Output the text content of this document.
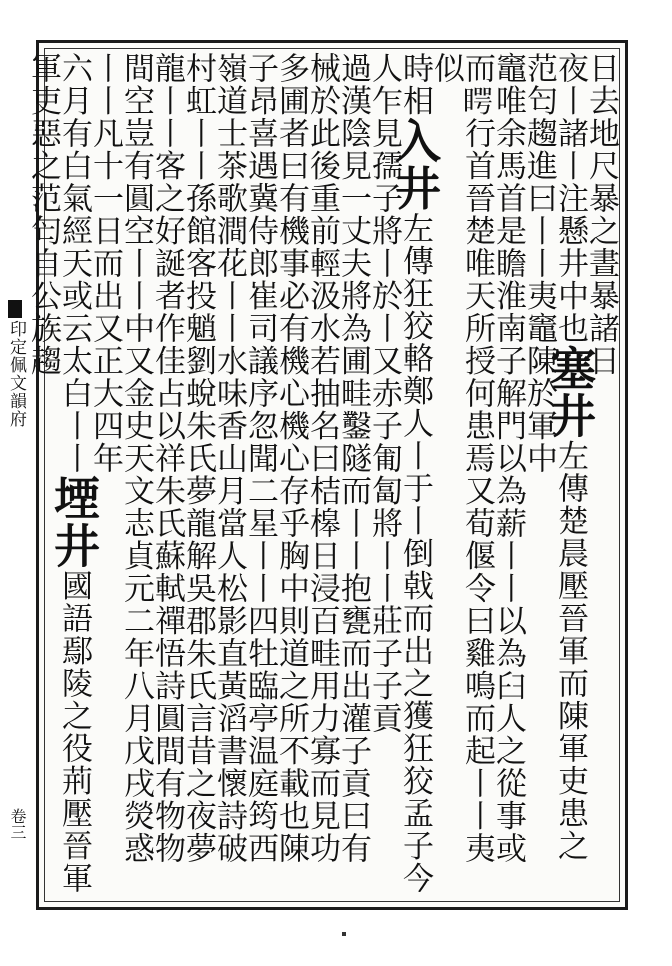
印定佩文韻府
卷三
日去地尺暴之晝暴諸日
夜丨諸丨注懸井中也塞井左傳楚晨壓晉軍而陳軍吏患之
范匄趨進曰丨丨夷竈陳於軍中
竈唯余馬首是瞻淮南子解門以為薪丨丨以為臼人之從事或
而𥈭行首晉楚唯天所授何患焉又荀偃令曰雞鳴而起丨丨夷
似
時相入井左傳狂狡輅鄭人丨于丨倒戟而出之獲狂狡孟子今
人乍見孺子將丨於丨又赤子匍匐將丨丨莊子子貢
過漢陰見一丈夫將為圃畦鑿隧而丨丨抱甕而出灌子貢曰有
械於此後重前輕汲水若抽名曰桔槔日浸百畦用力寡而見功
多圃者曰有機事必有機心機心存乎胸中則道之所不載也陳
子昂喜遇冀侍郎崔司議序忽聞二星丨丨四牡臨亭温庭筠西
嶺道士茶歌澗花丨丨水味香山月當人松影直黃滔書懷詩破
村虹丨丨孫館客投魈劉蛻朱氏夢龍解吳郡朱氏言昔之夜夢
龍丨丨客之好誕者作佳占以祥朱氏蘇軾禪悟詩圓間有物物
間空豈有圓空丨丨中又金史天文志貞元二年八月戊戌熒惑
丨丨凡十一日而出又正大四年
六月有白氣經天或云太白丨丨堙井國語鄢陵之役荊壓晉軍
軍吏惡之范匄自公族趨
